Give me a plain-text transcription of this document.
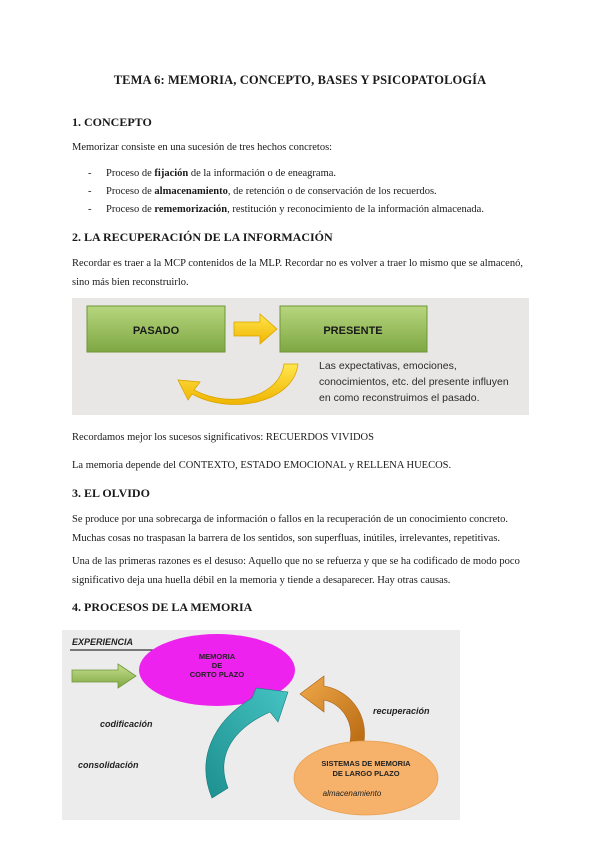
TEMA 6: MEMORIA, CONCEPTO, BASES Y PSICOPATOLOGÍA
1. CONCEPTO
Memorizar consiste en una sucesión de tres hechos concretos:
- Proceso de fijación de la información o de eneagrama.
- Proceso de almacenamiento, de retención o de conservación de los recuerdos.
- Proceso de rememorización, restitución y reconocimiento de la información almacenada.
2. LA RECUPERACIÓN DE LA INFORMACIÓN
Recordar es traer a la MCP contenidos de la MLP. Recordar no es volver a traer lo mismo que se almacenó,
sino más bien reconstruirlo.
PASADO	PRESENTE
Las expectativas, emociones,
conocimientos, etc. del presente influyen
en como reconstruimos el pasado.
Recordamos mejor los sucesos significativos: RECUERDOS VIVIDOS
La memoria depende del CONTEXTO, ESTADO EMOCIONAL y RELLENA HUECOS.
3. EL OLVIDO
Se produce por una sobrecarga de información o fallos en la recuperación de un conocimiento concreto.
Muchas cosas no traspasan la barrera de los sentidos, son superfluas, inútiles, irrelevantes, repetitivas.
Una de las primeras razones es el desuso: Aquello que no se refuerza y que se ha codificado de modo poco
significativo deja una huella débil en la memoria y tiende a desaparecer. Hay otras causas.
4. PROCESOS DE LA MEMORIA
EXPERIENCIA
MEMORIA
DE
CORTO PLAZO
codificación
consolidación
recuperación
SISTEMAS DE MEMORIA
DE LARGO PLAZO
almacenamiento
